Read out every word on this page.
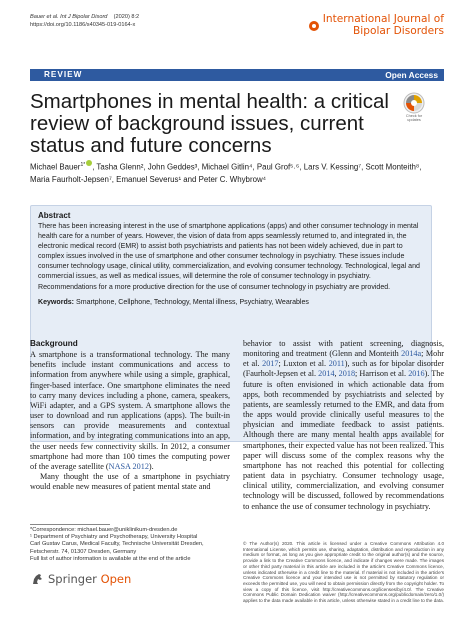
Bauer et al. Int J Bipolar Disord (2020) 8:2
https://doi.org/10.1186/s40345-019-0164-x	International Journal of
Bipolar Disorders
REVIEW	Open Access
Smartphones in mental health: a critical review of background issues, current status and future concerns
Check for updates
Michael Bauer$^{1*}$ , Tasha Glenn², John Geddes³, Michael Gitlin⁴, Paul Grof⁵˒⁶, Lars V. Kessing⁷, Scott Monteith⁸,
Maria Faurholt-Jepsen⁷, Emanuel Severus¹ and Peter C. Whybrow⁴
Abstract
There has been increasing interest in the use of smartphone applications (apps) and other consumer technology in mental health care for a number of years. However, the vision of data from apps seamlessly returned to, and integrated in, the electronic medical record (EMR) to assist both psychiatrists and patients has not been widely achieved, due in part to complex issues involved in the use of smartphone and other consumer technology in psychiatry. These issues include consumer technology usage, clinical utility, commercialization, and evolving consumer technology. Technological, legal and commercial issues, as well as medical issues, will determine the role of consumer technology in psychiatry. Recommendations for a more productive direction for the use of consumer technology in psychiatry are provided.
Keywords: Smartphone, Cellphone, Technology, Mental illness, Psychiatry, Wearables
Background

A smartphone is a transformational technology. The many benefits include instant communications and access to information from anywhere while using a simple, graphical, finger-based interface. One smartphone eliminates the need to carry many devices including a phone, camera, speakers, WiFi adapter, and a GPS system. A smartphone allows the user to download and run applications (apps). The built-in sensors can provide measurements and contextual information, and by integrating communications into an app, the user needs few connectivity skills. In 2012, a consumer smartphone had more than 100 times the computing power of the average satellite (NASA 2012).

Many thought the use of a smartphone in psychiatry would enable new measures of patient mental state and

behavior to assist with patient screening, diagnosis, monitoring and treatment (Glenn and Monteith 2014a; Mohr et al. 2017; Luxton et al. 2011), such as for bipolar disorder (Faurholt-Jepsen et al. 2014, 2018; Harrison et al. 2016). The future is often envisioned in which actionable data from apps, both recommended by psychiatrists and selected by patients, are seamlessly returned to the EMR, and data from the apps would provide clinically useful measures to the physician and immediate feedback to assist patients. Although there are many mental health apps available for smartphones, their expected value has not been realized. This paper will discuss some of the complex reasons why the smartphone has not reached this potential for collecting patient data in psychiatry. Consumer technology usage, clinical utility, commercialization, and evolving consumer technology will be discussed, followed by recommendations to enhance the use of consumer technology in psychiatry.

*Correspondence: michael.bauer@uniklinikum-dresden.de
¹ Department of Psychiatry and Psychotherapy, University Hospital
Carl Gustav Carus, Medical Faculty, Technische Universität Dresden,
Fetscherstr. 74, 01307 Dresden, Germany
Full list of author information is available at the end of the article
Springer Open
© The Author(s) 2020. This article is licensed under a Creative Commons Attribution 4.0 International License, which permits use, sharing, adaptation, distribution and reproduction in any medium or format, as long as you give appropriate credit to the original author(s) and the source, provide a link to the Creative Commons licence, and indicate if changes were made. The images or other third party material in this article are included in the article's Creative Commons licence, unless indicated otherwise in a credit line to the material. If material is not included in the article's Creative Commons licence and your intended use is not permitted by statutory regulation or exceeds the permitted use, you will need to obtain permission directly from the copyright holder. To view a copy of this licence, visit http://creativecommons.org/licenses/by/4.0/. The Creative Commons Public Domain Dedication waiver (http://creativecommons.org/publicdomain/zero/1.0/) applies to the data made available in this article, unless otherwise stated in a credit line to the data.
